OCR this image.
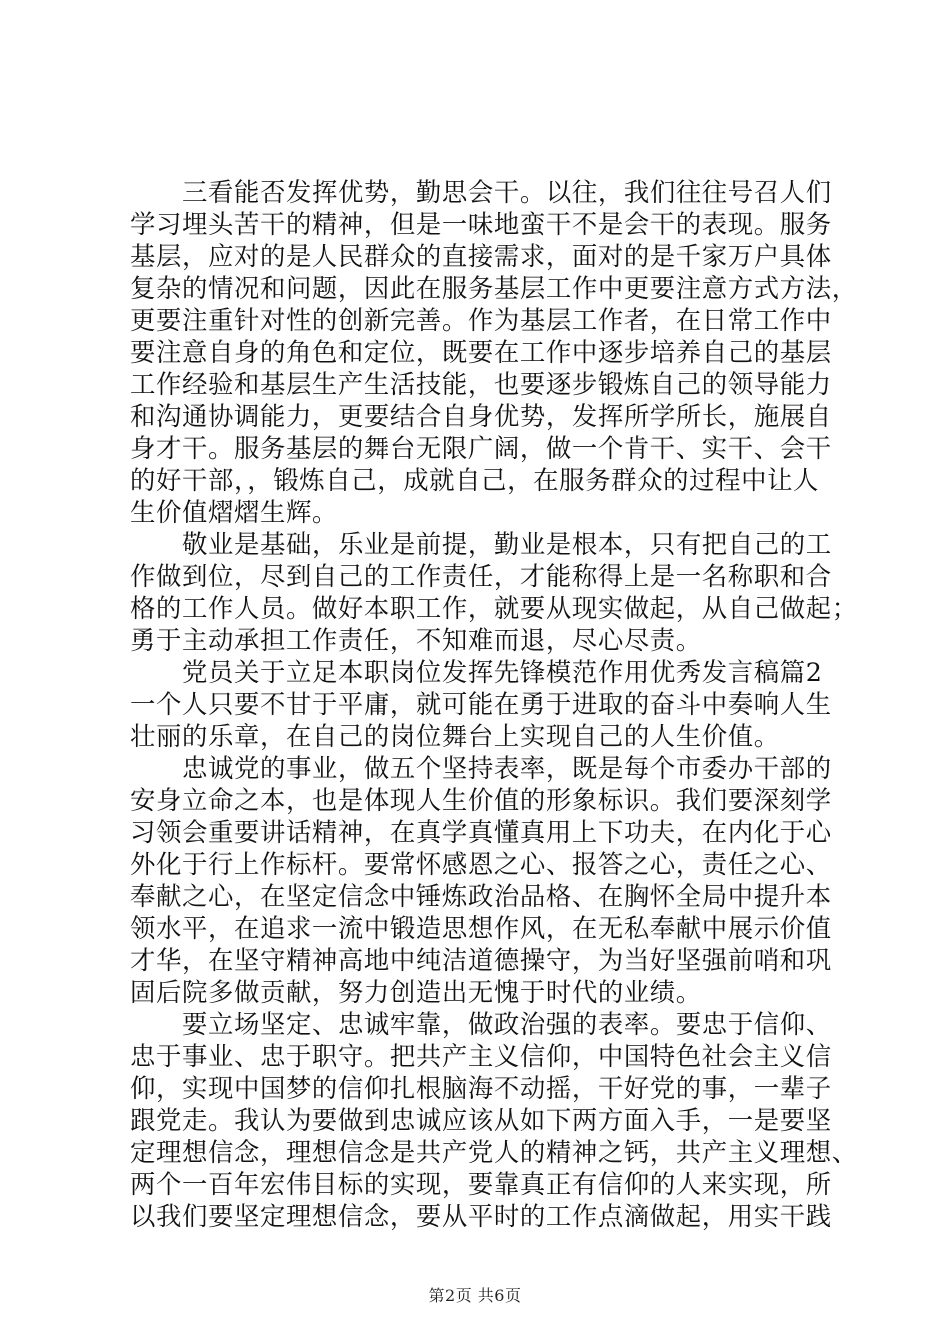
三看能否发挥优势，勤思会干。以往，我们往往号召人们
学习埋头苦干的精神，但是一味地蛮干不是会干的表现。服务
基层，应对的是人民群众的直接需求，面对的是千家万户具体
复杂的情况和问题，因此在服务基层工作中更要注意方式方法，
更要注重针对性的创新完善。作为基层工作者，在日常工作中
要注意自身的角色和定位，既要在工作中逐步培养自己的基层
工作经验和基层生产生活技能，也要逐步锻炼自己的领导能力
和沟通协调能力，更要结合自身优势，发挥所学所长，施展自
身才干。服务基层的舞台无限广阔，做一个肯干、实干、会干
的好干部，，锻炼自己，成就自己，在服务群众的过程中让人
生价值熠熠生辉。
敬业是基础，乐业是前提，勤业是根本，只有把自己的工
作做到位，尽到自己的工作责任，才能称得上是一名称职和合
格的工作人员。做好本职工作，就要从现实做起，从自己做起；
勇于主动承担工作责任，不知难而退，尽心尽责。
党员关于立足本职岗位发挥先锋模范作用优秀发言稿篇2
一个人只要不甘于平庸，就可能在勇于进取的奋斗中奏响人生
壮丽的乐章，在自己的岗位舞台上实现自己的人生价值。
忠诚党的事业，做五个坚持表率，既是每个市委办干部的
安身立命之本，也是体现人生价值的形象标识。我们要深刻学
习领会重要讲话精神，在真学真懂真用上下功夫，在内化于心
外化于行上作标杆。要常怀感恩之心、报答之心，责任之心、
奉献之心，在坚定信念中锤炼政治品格、在胸怀全局中提升本
领水平，在追求一流中锻造思想作风，在无私奉献中展示价值
才华，在坚守精神高地中纯洁道德操守，为当好坚强前哨和巩
固后院多做贡献，努力创造出无愧于时代的业绩。
要立场坚定、忠诚牢靠，做政治强的表率。要忠于信仰、
忠于事业、忠于职守。把共产主义信仰，中国特色社会主义信
仰，实现中国梦的信仰扎根脑海不动摇，干好党的事，一辈子
跟党走。我认为要做到忠诚应该从如下两方面入手，一是要坚
定理想信念，理想信念是共产党人的精神之钙，共产主义理想、
两个一百年宏伟目标的实现，要靠真正有信仰的人来实现，所
以我们要坚定理想信念，要从平时的工作点滴做起，用实干践
第2页 共6页
